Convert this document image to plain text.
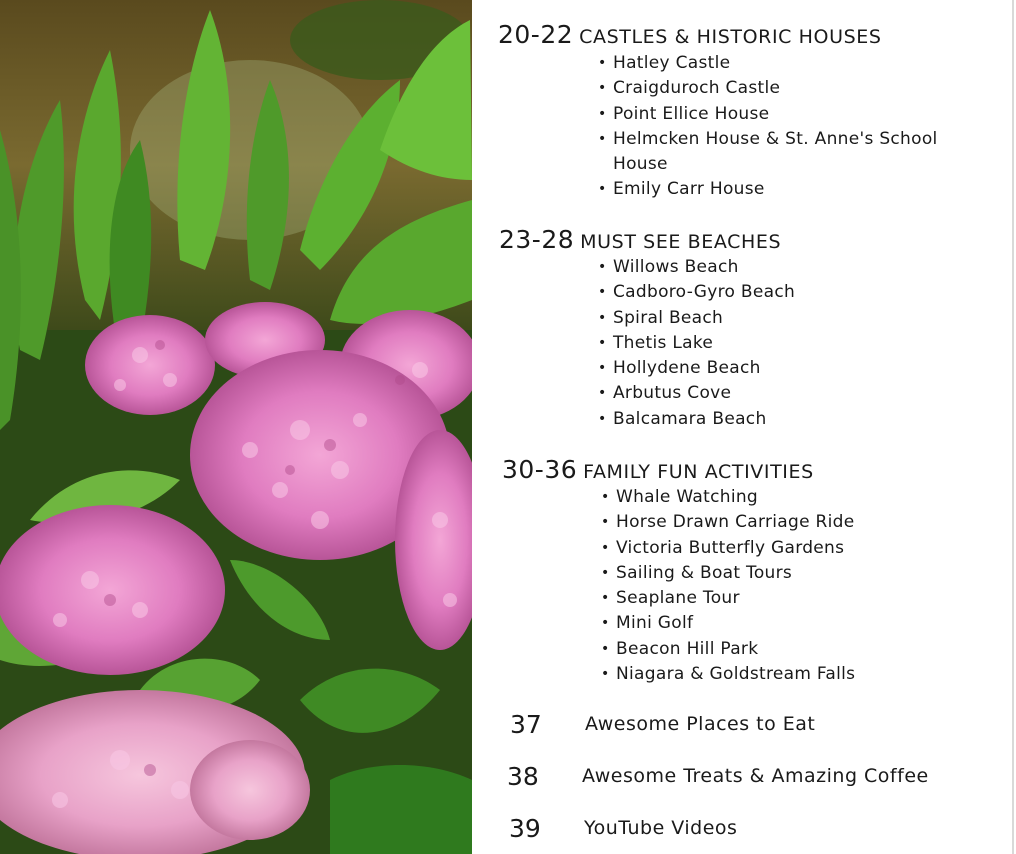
20-22 CASTLES & HISTORIC HOUSES
• Hatley Castle
• Craigduroch Castle
• Point Ellice House
• Helmcken House & St. Anne's School House
• Emily Carr House
23-28 MUST SEE BEACHES
• Willows Beach
• Cadboro-Gyro Beach
• Spiral Beach
• Thetis Lake
• Hollydene Beach
• Arbutus Cove
• Balcamara Beach
30-36 FAMILY FUN ACTIVITIES
• Whale Watching
• Horse Drawn Carriage Ride
• Victoria Butterfly Gardens
• Sailing & Boat Tours
• Seaplane Tour
• Mini Golf
• Beacon Hill Park
• Niagara & Goldstream Falls
37 Awesome Places to Eat
38 Awesome Treats & Amazing Coffee
39 YouTube Videos
